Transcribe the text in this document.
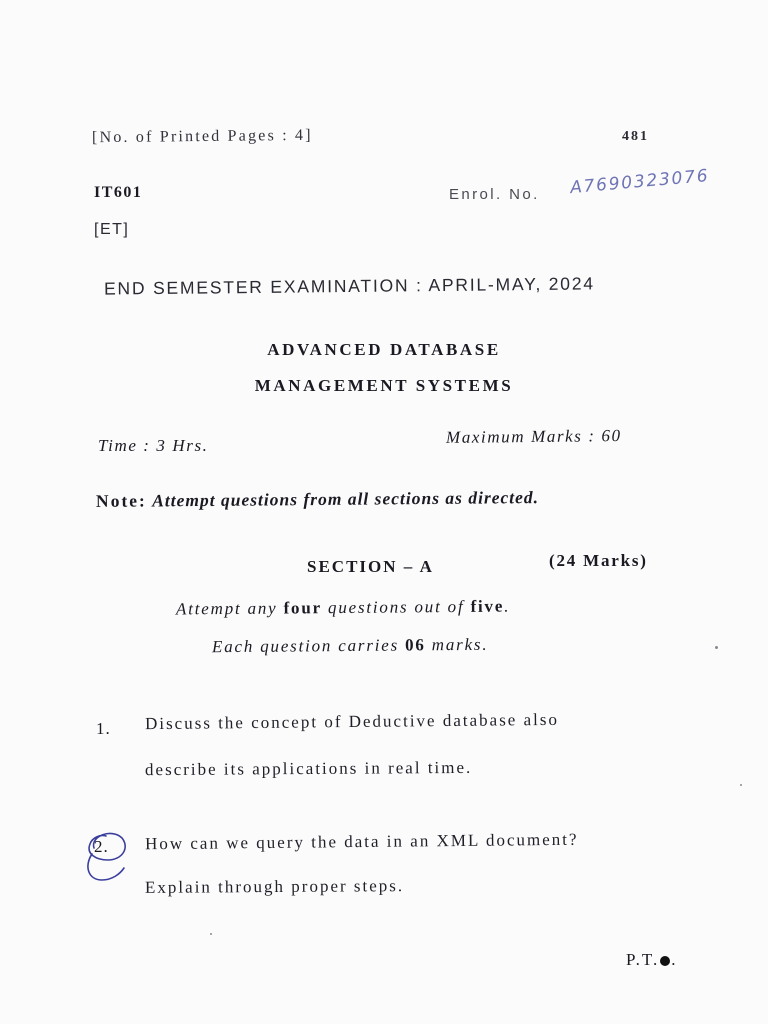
[No. of Printed Pages : 4]	481
IT601	Enrol. No. A7690323076
[ET]
END SEMESTER EXAMINATION : APRIL-MAY, 2024
ADVANCED DATABASE
MANAGEMENT SYSTEMS
Time : 3 Hrs.	Maximum Marks : 60
Note: Attempt questions from all sections as directed.
SECTION – A	(24 Marks)
Attempt any four questions out of five.
Each question carries 06 marks.
1. Discuss the concept of Deductive database also
describe its applications in real time.
2. How can we query the data in an XML document?
Explain through proper steps.
P.T. .
